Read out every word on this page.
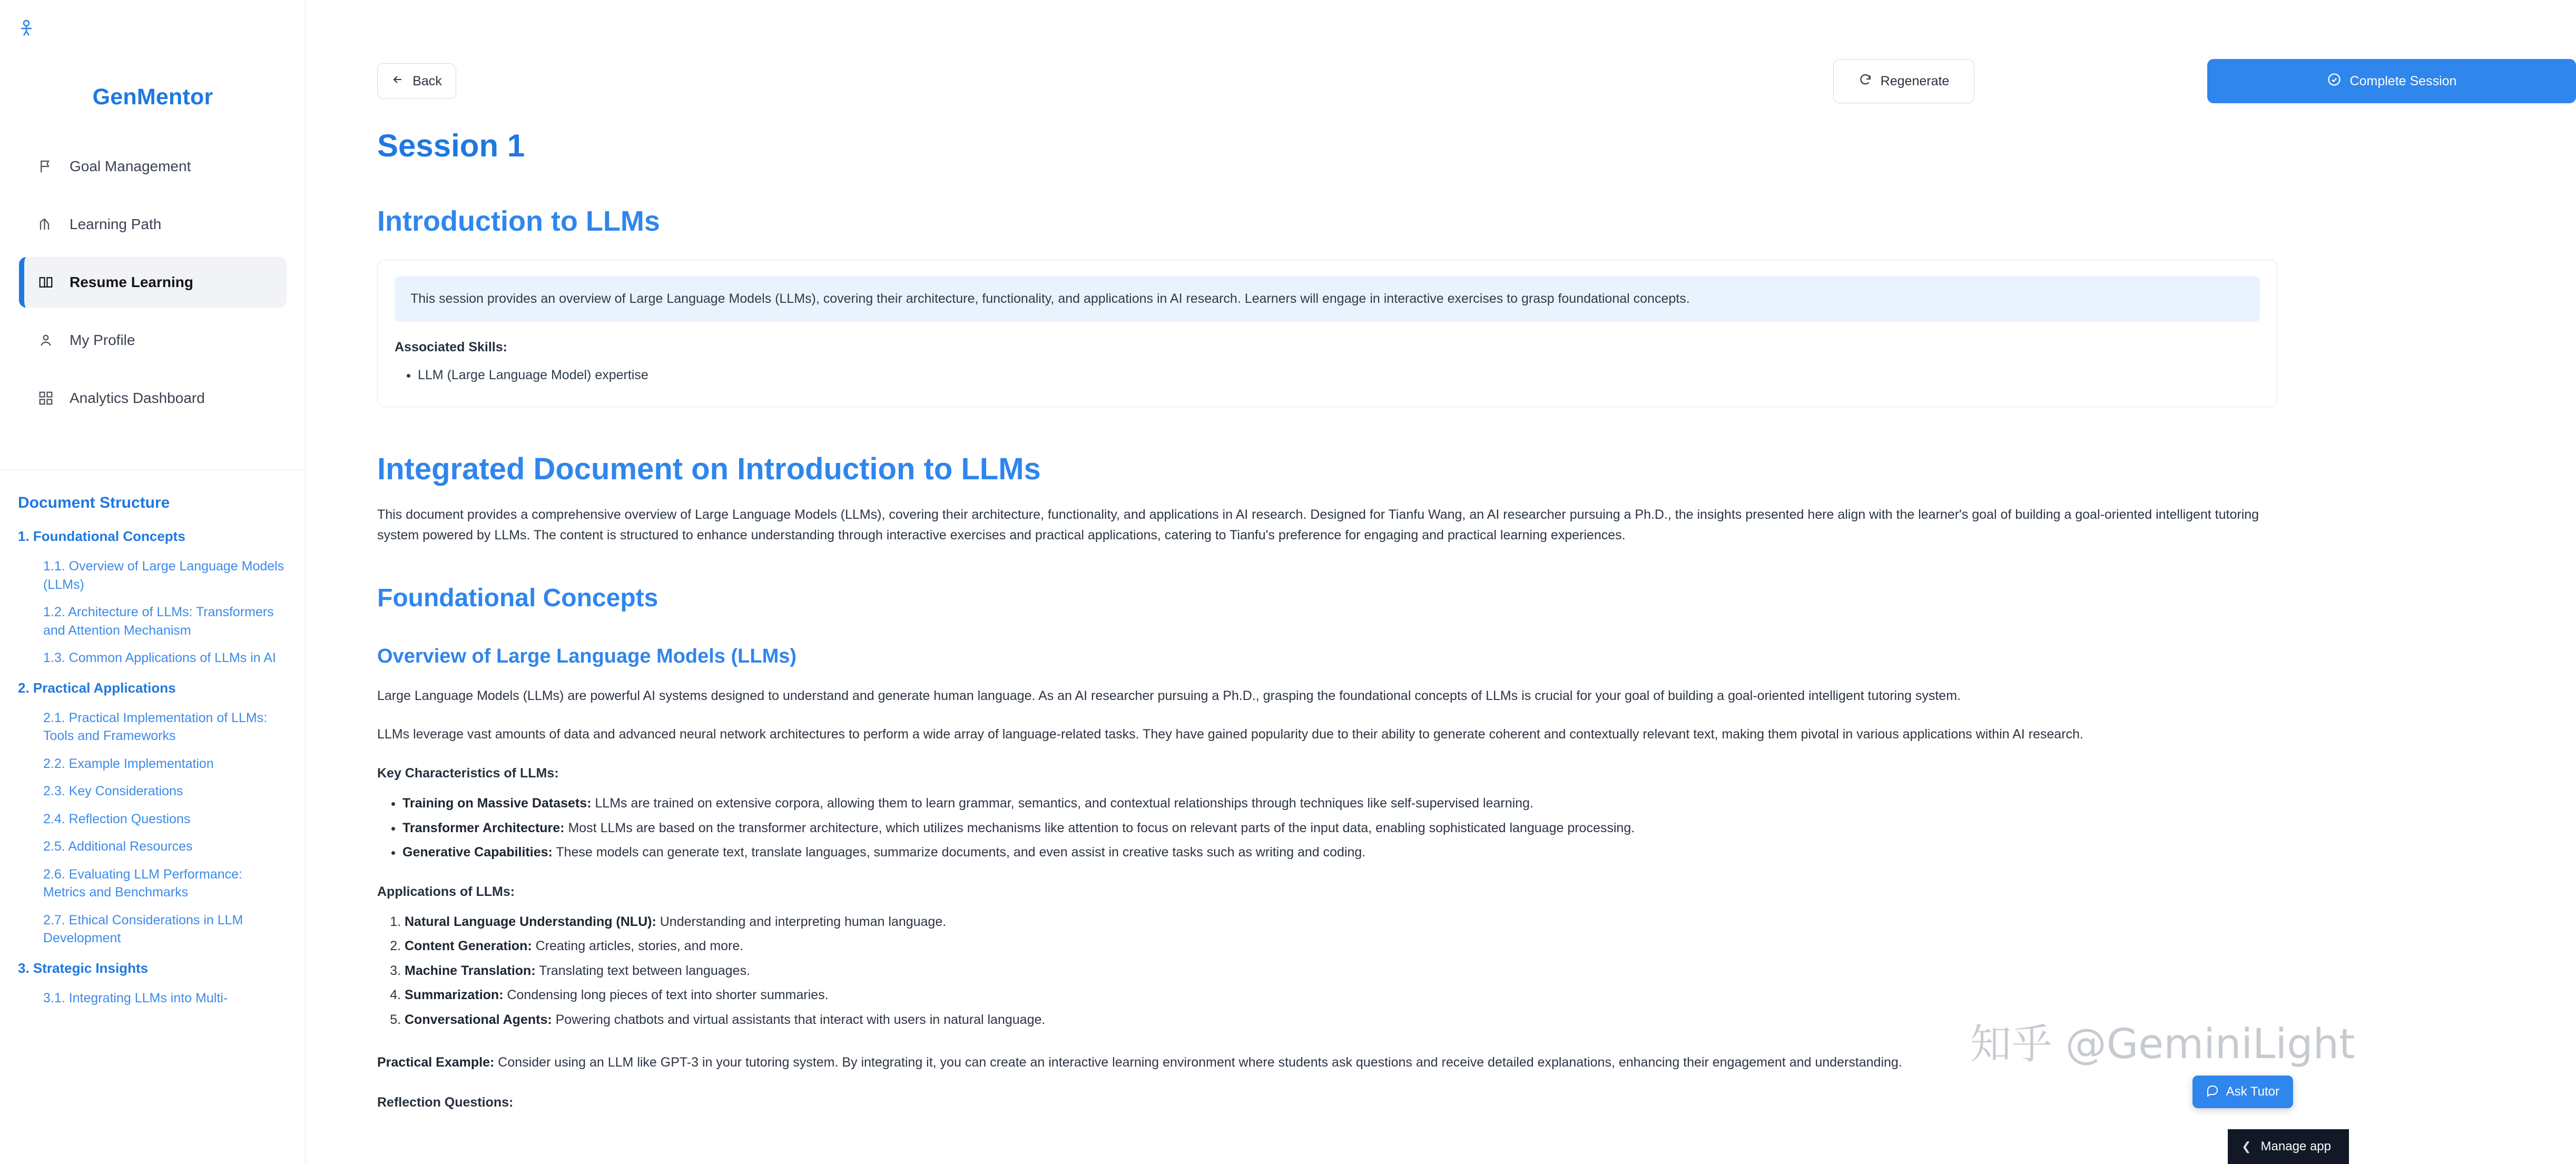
GenMentor
Goal Management
Learning Path
Resume Learning
My Profile
Analytics Dashboard
Document Structure
1. Foundational Concepts
1.1. Overview of Large Language Models (LLMs)
1.2. Architecture of LLMs: Transformers and Attention Mechanism
1.3. Common Applications of LLMs in AI
2. Practical Applications
2.1. Practical Implementation of LLMs: Tools and Frameworks
2.2. Example Implementation
2.3. Key Considerations
2.4. Reflection Questions
2.5. Additional Resources
2.6. Evaluating LLM Performance: Metrics and Benchmarks
2.7. Ethical Considerations in LLM Development
3. Strategic Insights
3.1. Integrating LLMs into Multi-
Back	Regenerate	Complete Session
Session 1
Introduction to LLMs
This session provides an overview of Large Language Models (LLMs), covering their architecture, functionality, and applications in AI research. Learners will engage in interactive exercises to grasp foundational concepts.
Associated Skills:
• LLM (Large Language Model) expertise
Integrated Document on Introduction to LLMs

This document provides a comprehensive overview of Large Language Models (LLMs), covering their architecture, functionality, and applications in AI research. Designed for Tianfu Wang, an AI researcher pursuing a Ph.D., the insights presented here align with the learner's goal of building a goal-oriented intelligent tutoring system powered by LLMs. The content is structured to enhance understanding through interactive exercises and practical applications, catering to Tianfu's preference for engaging and practical learning experiences.

Foundational Concepts
Overview of Large Language Models (LLMs)

Large Language Models (LLMs) are powerful AI systems designed to understand and generate human language. As an AI researcher pursuing a Ph.D., grasping the foundational concepts of LLMs is crucial for your goal of building a goal-oriented intelligent tutoring system.

LLMs leverage vast amounts of data and advanced neural network architectures to perform a wide array of language-related tasks. They have gained popularity due to their ability to generate coherent and contextually relevant text, making them pivotal in various applications within AI research.

Key Characteristics of LLMs:
• Training on Massive Datasets: LLMs are trained on extensive corpora, allowing them to learn grammar, semantics, and contextual relationships through techniques like self-supervised learning.
• Transformer Architecture: Most LLMs are based on the transformer architecture, which utilizes mechanisms like attention to focus on relevant parts of the input data, enabling sophisticated language processing.
• Generative Capabilities: These models can generate text, translate languages, summarize documents, and even assist in creative tasks such as writing and coding.
Applications of LLMs:
1. Natural Language Understanding (NLU): Understanding and interpreting human language.
2. Content Generation: Creating articles, stories, and more.
3. Machine Translation: Translating text between languages.
4. Summarization: Condensing long pieces of text into shorter summaries.
5. Conversational Agents: Powering chatbots and virtual assistants that interact with users in natural language.
Practical Example: Consider using an LLM like GPT-3 in your tutoring system. By integrating it, you can create an interactive learning environment where students ask questions and receive detailed explanations, enhancing their engagement and understanding.
Reflection Questions:
知乎 @GeminiLight
Ask Tutor
❮ Manage app
